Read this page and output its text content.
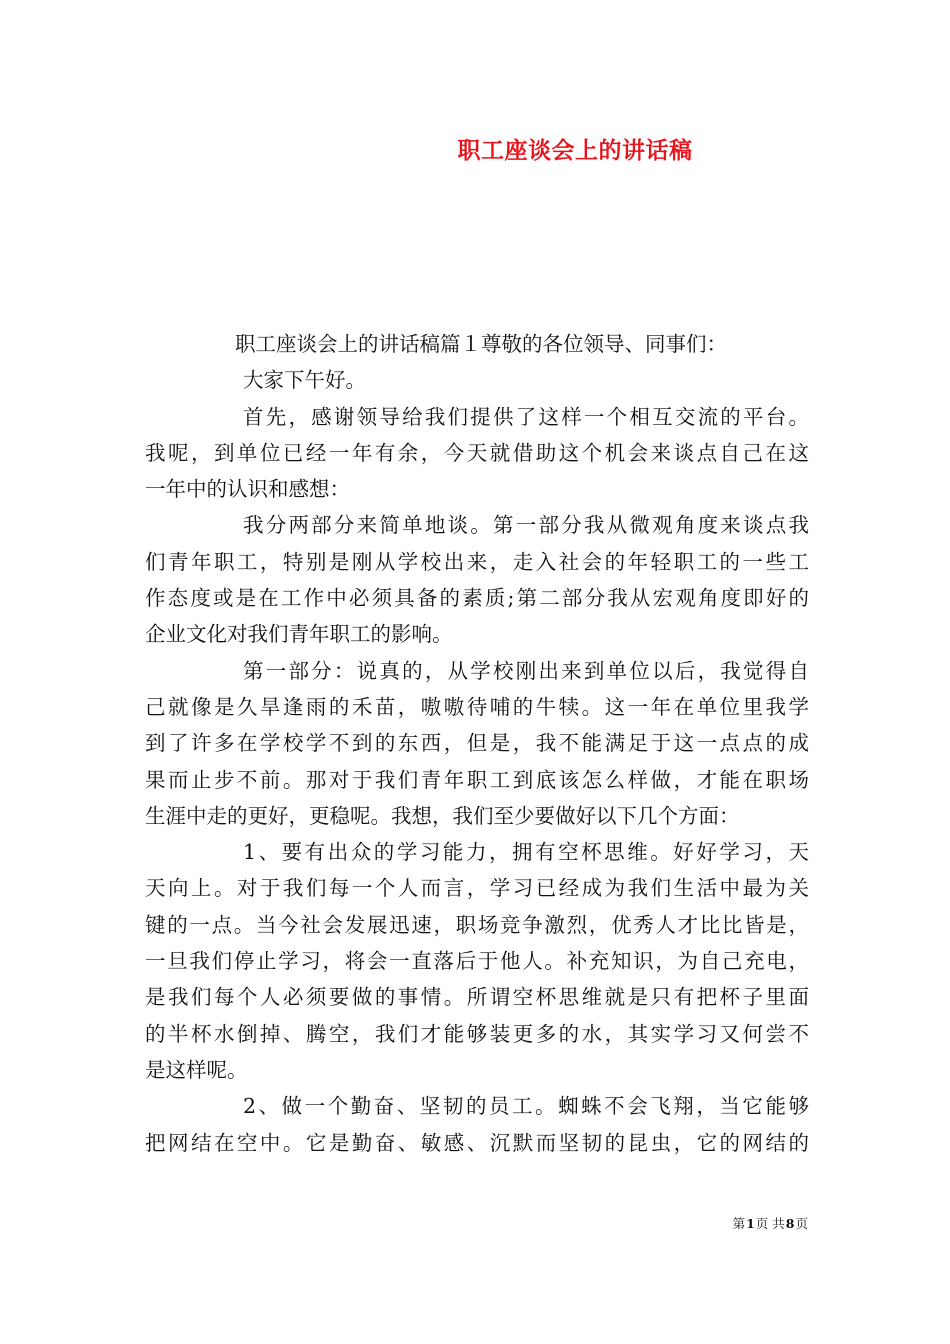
职工座谈会上的讲话稿
职工座谈会上的讲话稿篇１尊敬的各位领导、同事们：
大家下午好。
首先，感谢领导给我们提供了这样一个相互交流的平台。
我呢，到单位已经一年有余，今天就借助这个机会来谈点自己在这
一年中的认识和感想：
我分两部分来简单地谈。第一部分我从微观角度来谈点我
们青年职工，特别是刚从学校出来，走入社会的年轻职工的一些工
作态度或是在工作中必须具备的素质;第二部分我从宏观角度即好的
企业文化对我们青年职工的影响。
第一部分：说真的，从学校刚出来到单位以后，我觉得自
己就像是久旱逢雨的禾苗，嗷嗷待哺的牛犊。这一年在单位里我学
到了许多在学校学不到的东西，但是，我不能满足于这一点点的成
果而止步不前。那对于我们青年职工到底该怎么样做，才能在职场
生涯中走的更好，更稳呢。我想，我们至少要做好以下几个方面：
1、要有出众的学习能力，拥有空杯思维。好好学习，天
天向上。对于我们每一个人而言，学习已经成为我们生活中最为关
键的一点。当今社会发展迅速，职场竞争激烈，优秀人才比比皆是，
一旦我们停止学习，将会一直落后于他人。补充知识，为自己充电，
是我们每个人必须要做的事情。所谓空杯思维就是只有把杯子里面
的半杯水倒掉、腾空，我们才能够装更多的水，其实学习又何尝不
是这样呢。
2、做一个勤奋、坚韧的员工。蜘蛛不会飞翔，当它能够
把网结在空中。它是勤奋、敏感、沉默而坚韧的昆虫，它的网结的
第1页 共8页
